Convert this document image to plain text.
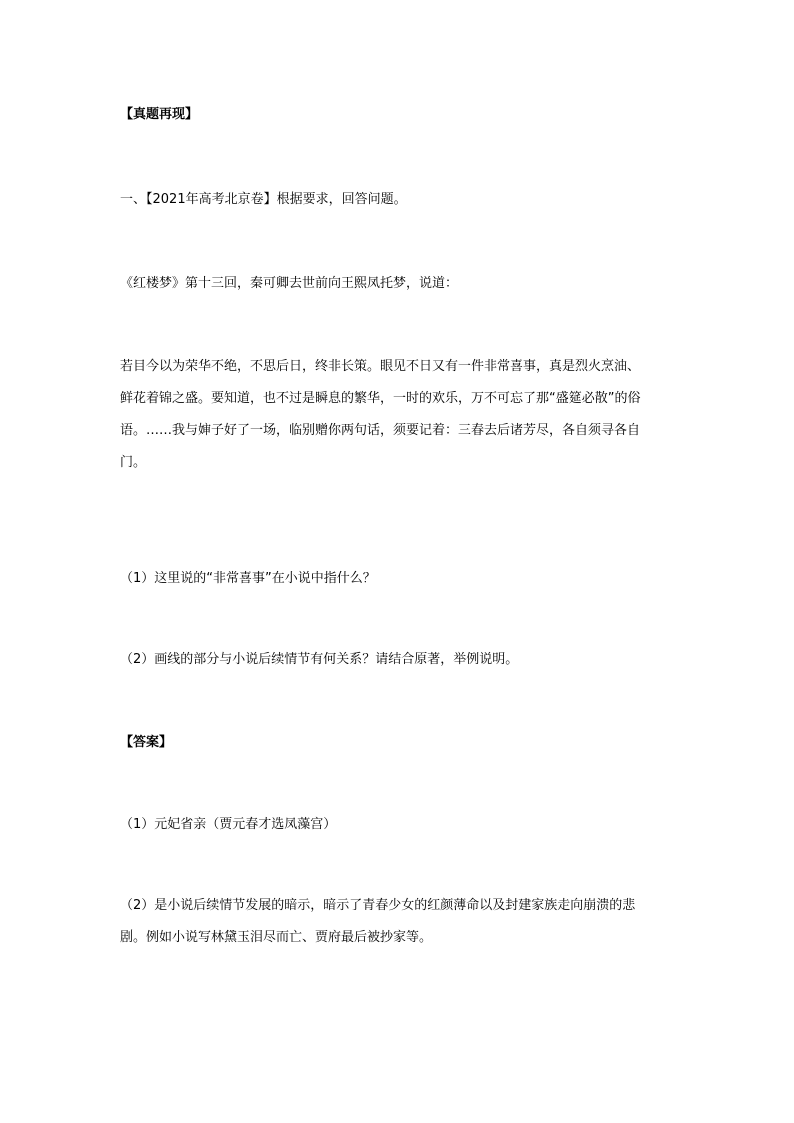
【真题再现】

一、【2021年高考北京卷】根据要求，回答问题。

《红楼梦》第十三回，秦可卿去世前向王熙凤托梦，说道：

若目今以为荣华不绝，不思后日，终非长策。眼见不日又有一件非常喜事，真是烈火烹油、
鲜花着锦之盛。要知道，也不过是瞬息的繁华，一时的欢乐，万不可忘了那“盛筵必散”的俗
语。……我与婶子好了一场，临别赠你两句话，须要记着：三春去后诸芳尽，各自须寻各自
门。

（1）这里说的“非常喜事”在小说中指什么？

（2）画线的部分与小说后续情节有何关系？请结合原著，举例说明。

【答案】

（1）元妃省亲（贾元春才选凤藻宫）

（2）是小说后续情节发展的暗示，暗示了青春少女的红颜薄命以及封建家族走向崩溃的悲
剧。例如小说写林黛玉泪尽而亡、贾府最后被抄家等。
